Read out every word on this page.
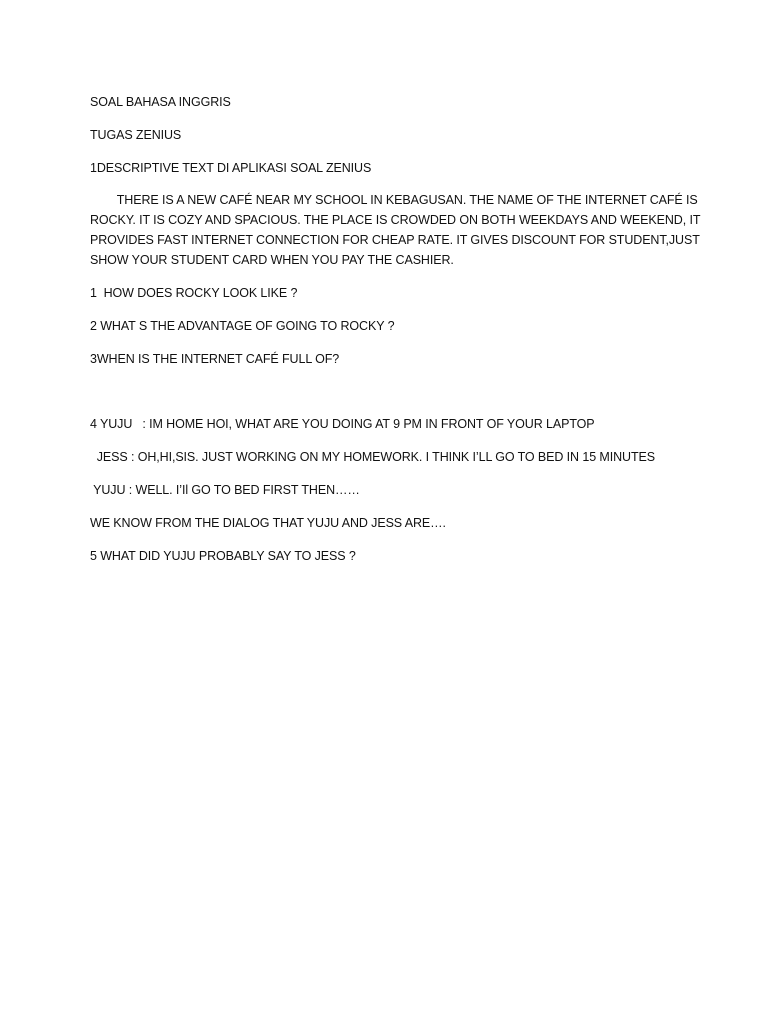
SOAL BAHASA INGGRIS
TUGAS ZENIUS
1DESCRIPTIVE TEXT DI APLIKASI SOAL ZENIUS
THERE IS A NEW CAFÉ NEAR MY SCHOOL IN KEBAGUSAN. THE NAME OF THE INTERNET CAFÉ IS
ROCKY. IT IS COZY AND SPACIOUS. THE PLACE IS CROWDED ON BOTH WEEKDAYS AND WEEKEND, IT
PROVIDES FAST INTERNET CONNECTION FOR CHEAP RATE. IT GIVES DISCOUNT FOR STUDENT,JUST
SHOW YOUR STUDENT CARD WHEN YOU PAY THE CASHIER.
1  HOW DOES ROCKY LOOK LIKE ?
2 WHAT S THE ADVANTAGE OF GOING TO ROCKY ?
3WHEN IS THE INTERNET CAFÉ FULL OF?
4 YUJU   : IM HOME HOI, WHAT ARE YOU DOING AT 9 PM IN FRONT OF YOUR LAPTOP
JESS : OH,HI,SIS. JUST WORKING ON MY HOMEWORK. I THINK I’LL GO TO BED IN 15 MINUTES
YUJU : WELL. I’Il GO TO BED FIRST THEN……
WE KNOW FROM THE DIALOG THAT YUJU AND JESS ARE….
5 WHAT DID YUJU PROBABLY SAY TO JESS ?
